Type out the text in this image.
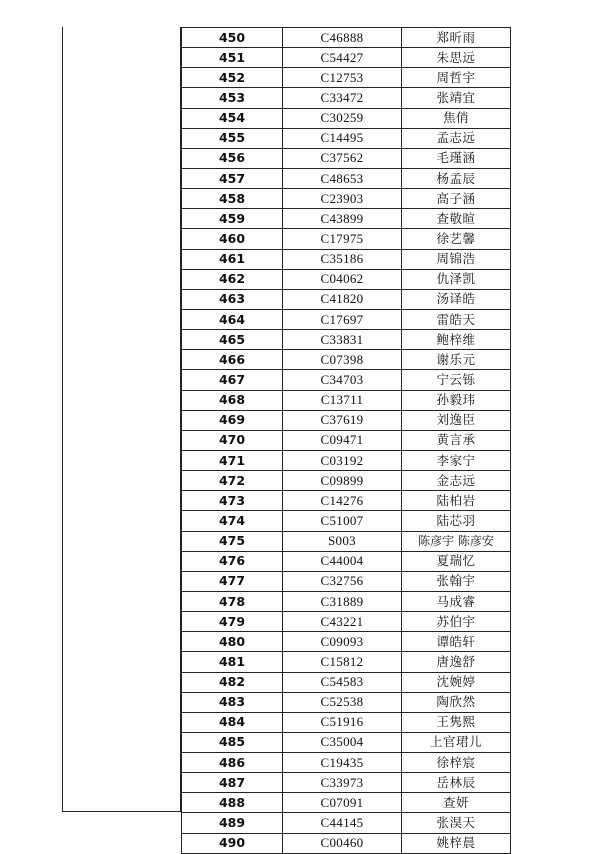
450	C46888	郑昕雨
451	C54427	朱思远
452	C12753	周哲宇
453	C33472	张靖宜
454	C30259	焦俏
455	C14495	孟志远
456	C37562	毛瑾涵
457	C48653	杨孟辰
458	C23903	高子涵
459	C43899	查敬暄
460	C17975	徐艺馨
461	C35186	周锦浩
462	C04062	仇泽凯
463	C41820	汤译皓
464	C17697	雷皓天
465	C33831	鲍梓维
466	C07398	谢乐元
467	C34703	宁云铄
468	C13711	孙毅玮
469	C37619	刘逸臣
470	C09471	黄言承
471	C03192	李家宁
472	C09899	金志远
473	C14276	陆柏岩
474	C51007	陆芯羽
475	S003	陈彦宇 陈彦安
476	C44004	夏瑞忆
477	C32756	张翰宇
478	C31889	马成睿
479	C43221	苏伯宇
480	C09093	谭皓轩
481	C15812	唐逸舒
482	C54583	沈婉婷
483	C52538	陶欣然
484	C51916	王隽熙
485	C35004	上官珺儿
486	C19435	徐梓宸
487	C33973	岳林辰
488	C07091	查妍
489	C44145	张淏天
490	C00460	姚梓晨
